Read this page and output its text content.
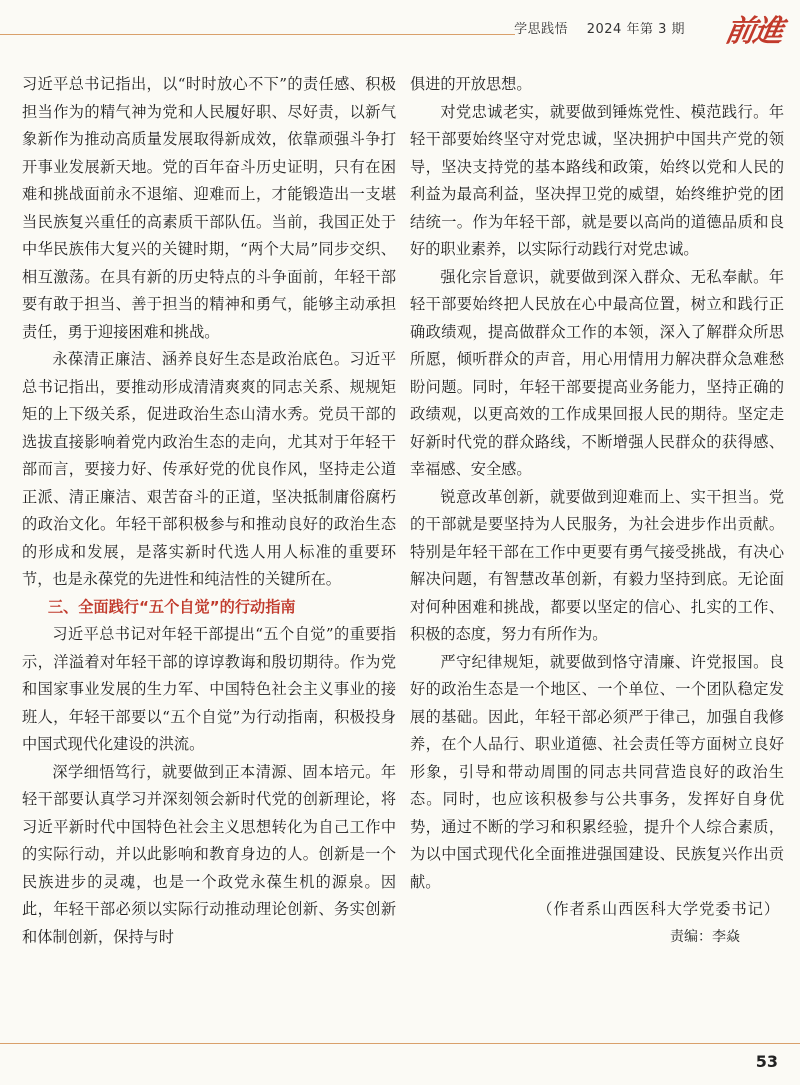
学思践悟 2024 年第 3 期 前進

习近平总书记指出，以“时时放心不下”的责任感、积极担当作为的精气神为党和人民履好职、尽好责，以新气象新作为推动高质量发展取得新成效，依靠顽强斗争打开事业发展新天地。党的百年奋斗历史证明，只有在困难和挑战面前永不退缩、迎难而上，才能锻造出一支堪当民族复兴重任的高素质干部队伍。当前，我国正处于中华民族伟大复兴的关键时期，“两个大局”同步交织、相互激荡。在具有新的历史特点的斗争面前，年轻干部要有敢于担当、善于担当的精神和勇气，能够主动承担责任，勇于迎接困难和挑战。

永葆清正廉洁、涵养良好生态是政治底色。习近平总书记指出，要推动形成清清爽爽的同志关系、规规矩矩的上下级关系，促进政治生态山清水秀。党员干部的选拔直接影响着党内政治生态的走向，尤其对于年轻干部而言，要接力好、传承好党的优良作风，坚持走公道正派、清正廉洁、艰苦奋斗的正道，坚决抵制庸俗腐朽的政治文化。年轻干部积极参与和推动良好的政治生态的形成和发展，是落实新时代选人用人标准的重要环节，也是永葆党的先进性和纯洁性的关键所在。

三、全面践行“五个自觉”的行动指南

习近平总书记对年轻干部提出“五个自觉”的重要指示，洋溢着对年轻干部的谆谆教诲和殷切期待。作为党和国家事业发展的生力军、中国特色社会主义事业的接班人，年轻干部要以“五个自觉”为行动指南，积极投身中国式现代化建设的洪流。

深学细悟笃行，就要做到正本清源、固本培元。年轻干部要认真学习并深刻领会新时代党的创新理论，将习近平新时代中国特色社会主义思想转化为自己工作中的实际行动，并以此影响和教育身边的人。创新是一个民族进步的灵魂，也是一个政党永葆生机的源泉。因此，年轻干部必须以实际行动推动理论创新、务实创新和体制创新，保持与时

俱进的开放思想。

对党忠诚老实，就要做到锤炼党性、模范践行。年轻干部要始终坚守对党忠诚，坚决拥护中国共产党的领导，坚决支持党的基本路线和政策，始终以党和人民的利益为最高利益，坚决捍卫党的威望，始终维护党的团结统一。作为年轻干部，就是要以高尚的道德品质和良好的职业素养，以实际行动践行对党忠诚。

强化宗旨意识，就要做到深入群众、无私奉献。年轻干部要始终把人民放在心中最高位置，树立和践行正确政绩观，提高做群众工作的本领，深入了解群众所思所愿，倾听群众的声音，用心用情用力解决群众急难愁盼问题。同时，年轻干部要提高业务能力，坚持正确的政绩观，以更高效的工作成果回报人民的期待。坚定走好新时代党的群众路线，不断增强人民群众的获得感、幸福感、安全感。

锐意改革创新，就要做到迎难而上、实干担当。党的干部就是要坚持为人民服务，为社会进步作出贡献。特别是年轻干部在工作中更要有勇气接受挑战，有决心解决问题，有智慧改革创新，有毅力坚持到底。无论面对何种困难和挑战，都要以坚定的信心、扎实的工作、积极的态度，努力有所作为。

严守纪律规矩，就要做到恪守清廉、许党报国。良好的政治生态是一个地区、一个单位、一个团队稳定发展的基础。因此，年轻干部必须严于律己，加强自我修养，在个人品行、职业道德、社会责任等方面树立良好形象，引导和带动周围的同志共同营造良好的政治生态。同时，也应该积极参与公共事务，发挥好自身优势，通过不断的学习和积累经验，提升个人综合素质，为以中国式现代化全面推进强国建设、民族复兴作出贡献。

（作者系山西医科大学党委书记）

责编：李焱

53
